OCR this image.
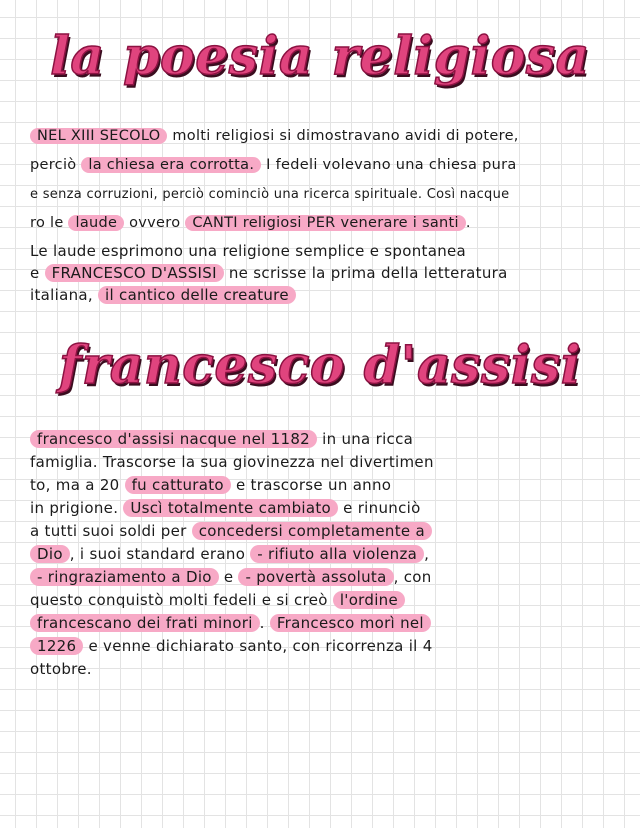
la poesia religiosa
NEL XIII SECOLO molti religiosi si dimostravano avidi di potere,
perciò la chiesa era corrotta. I fedeli volevano una chiesa pura
e senza corruzioni, perciò cominciò una ricerca spirituale. Così nacque
ro le laude ovvero CANTI religiosi PER venerare i santi .
Le laude esprimono una religione semplice e spontanea
e FRANCESCO D'ASSISI ne scrisse la prima della letteratura
italiana, il cantico delle creature
francesco d'assisi
francesco d'assisi nacque nel 1182 in una ricca
famiglia. Trascorse la sua giovinezza nel divertimen
to, ma a 20 fu catturato e trascorse un anno
in prigione. Uscì totalmente cambiato e rinunciò
a tutti suoi soldi per concedersi completamente a
Dio , i suoi standard erano - rifiuto alla violenza ,
- ringraziamento a Dio e - povertà assoluta , con
questo conquistò molti fedeli e si creò l'ordine
francescano dei frati minori . Francesco morì nel
1226 e venne dichiarato santo, con ricorrenza il 4
ottobre.
